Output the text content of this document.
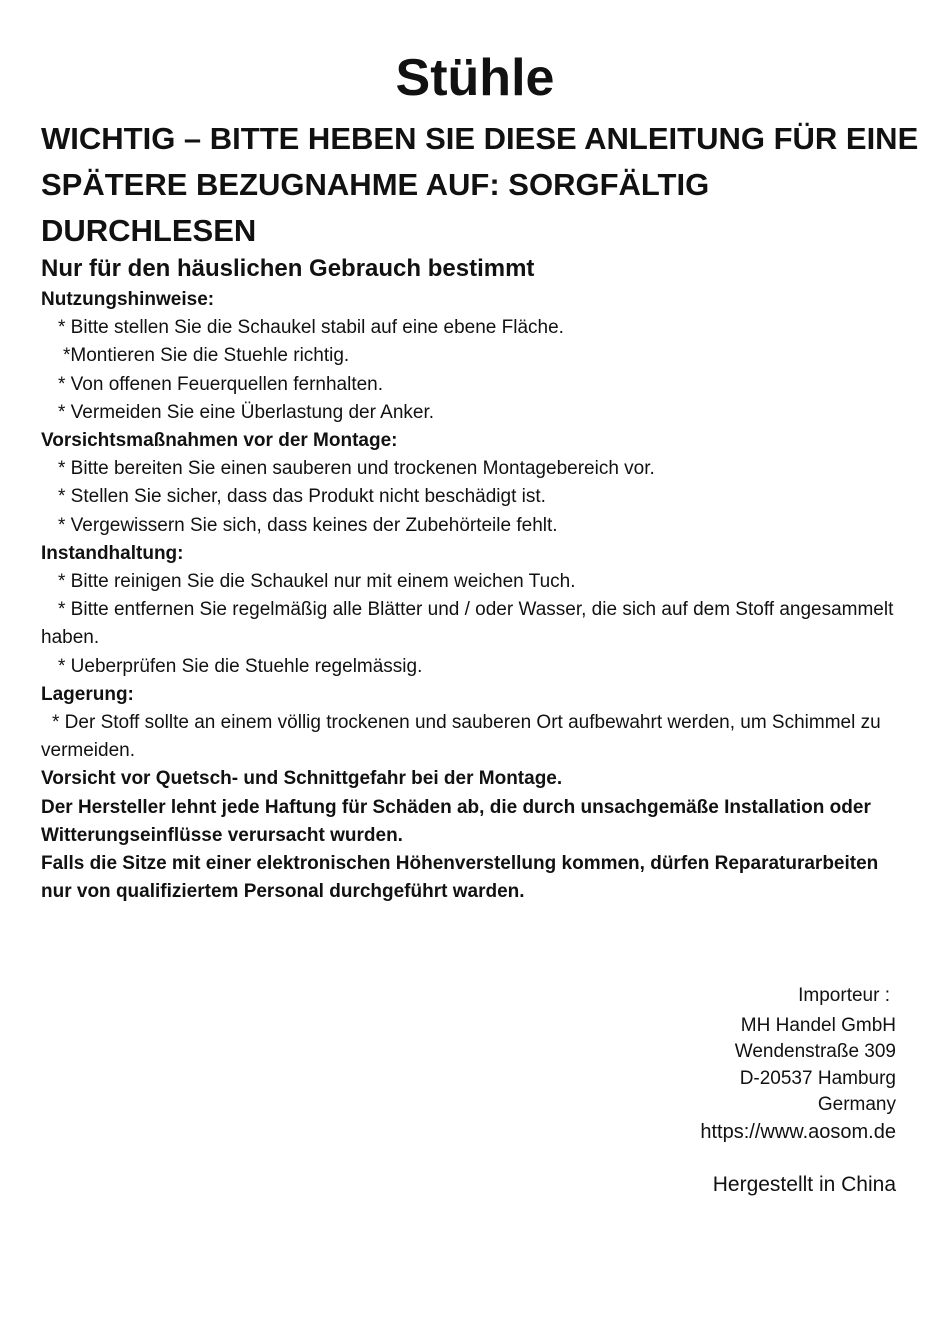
Stühle
WICHTIG – BITTE HEBEN SIE DIESE ANLEITUNG FÜR EINE SPÄTERE BEZUGNAHME AUF: SORGFÄLTIG DURCHLESEN
Nur für den häuslichen Gebrauch bestimmt

Nutzungshinweise:

* Bitte stellen Sie die Schaukel stabil auf eine ebene Fläche.

*Montieren Sie die Stuehle richtig.

* Von offenen Feuerquellen fernhalten.

* Vermeiden Sie eine Überlastung der Anker.

Vorsichtsmaßnahmen vor der Montage:

* Bitte bereiten Sie einen sauberen und trockenen Montagebereich vor.

* Stellen Sie sicher, dass das Produkt nicht beschädigt ist.

* Vergewissern Sie sich, dass keines der Zubehörteile fehlt.

Instandhaltung:

* Bitte reinigen Sie die Schaukel nur mit einem weichen Tuch.

* Bitte entfernen Sie regelmäßig alle Blätter und / oder Wasser, die sich auf dem Stoff angesammelt haben.

* Ueberprüfen Sie die Stuehle regelmässig.

Lagerung:

* Der Stoff sollte an einem völlig trockenen und sauberen Ort aufbewahrt werden, um Schimmel zu vermeiden.

Vorsicht vor Quetsch- und Schnittgefahr bei der Montage.

Der Hersteller lehnt jede Haftung für Schäden ab, die durch unsachgemäße Installation oder Witterungseinflüsse verursacht wurden.

Falls die Sitze mit einer elektronischen Höhenverstellung kommen, dürfen Reparaturarbeiten nur von qualifiziertem Personal durchgeführt warden.

Importeur :

MH Handel GmbH

Wendenstraße 309

D-20537 Hamburg

Germany

https://www.aosom.de

Hergestellt in China
